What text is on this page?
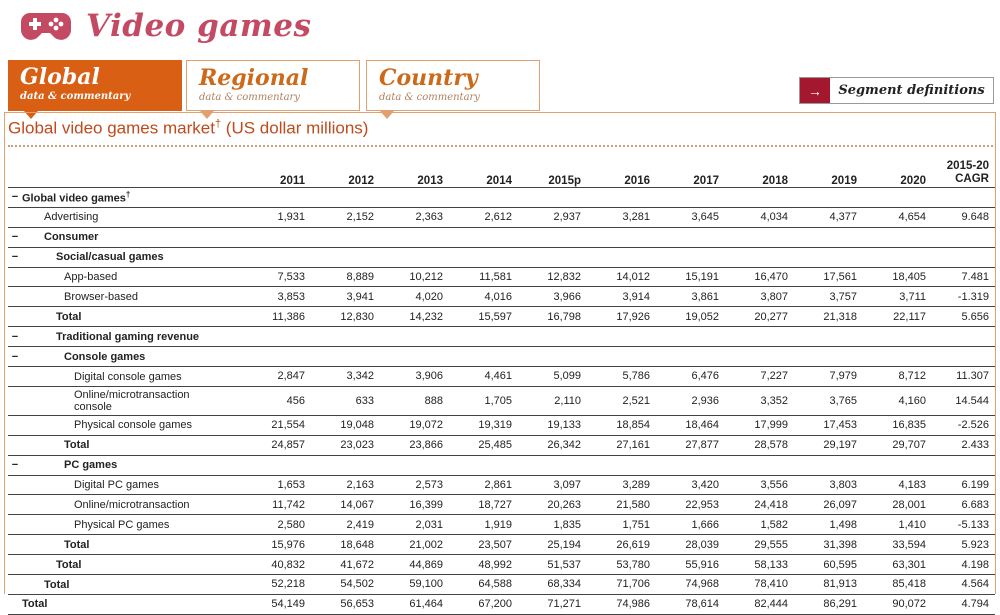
Video games
Global
data & commentary
Regional
data & commentary
Country
data & commentary	→	Segment definitions
Global video games market† (US dollar millions)
	2011	2012	2013	2014	2015p	2016	2017	2018	2019	2020	2015-20
CAGR
− Global video games†											
Advertising	1,931	2,152	2,363	2,612	2,937	3,281	3,645	4,034	4,377	4,654	9.648
− Consumer											
− Social/casual games											
App-based	7,533	8,889	10,212	11,581	12,832	14,012	15,191	16,470	17,561	18,405	7.481
Browser-based	3,853	3,941	4,020	4,016	3,966	3,914	3,861	3,807	3,757	3,711	-1.319
Total	11,386	12,830	14,232	15,597	16,798	17,926	19,052	20,277	21,318	22,117	5.656
− Traditional gaming revenue											
− Console games											
Digital console games	2,847	3,342	3,906	4,461	5,099	5,786	6,476	7,227	7,979	8,712	11.307
Online/microtransaction console	456	633	888	1,705	2,110	2,521	2,936	3,352	3,765	4,160	14.544
Physical console games	21,554	19,048	19,072	19,319	19,133	18,854	18,464	17,999	17,453	16,835	-2.526
Total	24,857	23,023	23,866	25,485	26,342	27,161	27,877	28,578	29,197	29,707	2.433
− PC games											
Digital PC games	1,653	2,163	2,573	2,861	3,097	3,289	3,420	3,556	3,803	4,183	6.199
Online/microtransaction	11,742	14,067	16,399	18,727	20,263	21,580	22,953	24,418	26,097	28,001	6.683
Physical PC games	2,580	2,419	2,031	1,919	1,835	1,751	1,666	1,582	1,498	1,410	-5.133
Total	15,976	18,648	21,002	23,507	25,194	26,619	28,039	29,555	31,398	33,594	5.923
Total	40,832	41,672	44,869	48,992	51,537	53,780	55,916	58,133	60,595	63,301	4.198
Total	52,218	54,502	59,100	64,588	68,334	71,706	74,968	78,410	81,913	85,418	4.564
Total	54,149	56,653	61,464	67,200	71,271	74,986	78,614	82,444	86,291	90,072	4.794
